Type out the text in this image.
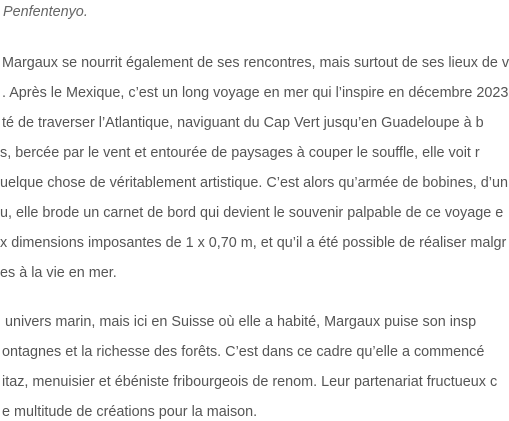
Penfentenyo.
Margaux se nourrit également de ses rencontres, mais surtout de ses lieux de v
. Après le Mexique, c’est un long voyage en mer qui l’inspire en décembre 2023
té de traverser l’Atlantique, naviguant du Cap Vert jusqu’en Guadeloupe à b
s, bercée par le vent et entourée de paysages à couper le souffle, elle voit r
uelque chose de véritablement artistique. C’est alors qu’armée de bobines, d’un
u, elle brode un carnet de bord qui devient le souvenir palpable de ce voyage e
x dimensions imposantes de 1 x 0,70 m, et qu’il a été possible de réaliser malgr
es à la vie en mer.
univers marin, mais ici en Suisse où elle a habité, Margaux puise son insp
ontagnes et la richesse des forêts. C’est dans ce cadre qu’elle a commencé
itaz, menuisier et ébéniste fribourgeois de renom. Leur partenariat fructueux c
e multitude de créations pour la maison.
